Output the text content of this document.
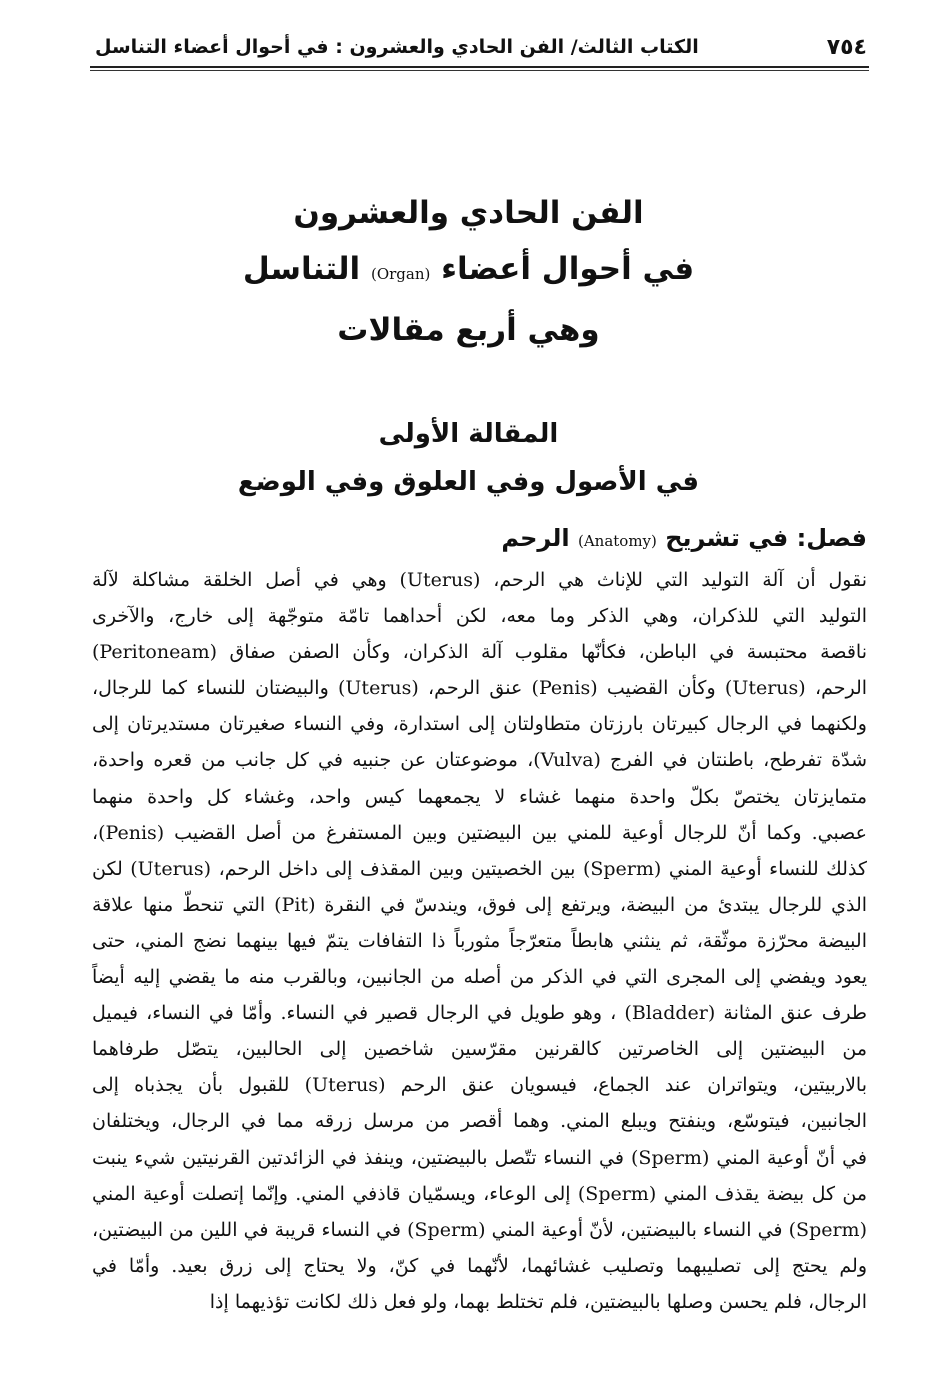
٧٥٤
الكتاب الثالث/ الفن الحادي والعشرون : في أحوال أعضاء التناسل
الفن الحادي والعشرون
في أحوال أعضاء (Organ) التناسل
وهي أربع مقالات
المقالة الأولى
في الأصول وفي العلوق وفي الوضع
فصل: في تشريح (Anatomy) الرحم
نقول أن آلة التوليد التي للإناث هي الرحم، (Uterus) وهي في أصل الخلقة مشاكلة لآلة
التوليد التي للذكران، وهي الذكر وما معه، لكن أحداهما تامّة متوجّهة إلى خارج، والآخرى
ناقصة محتبسة في الباطن، فكأنّها مقلوب آلة الذكران، وكأن الصفن صفاق (Peritoneam)
الرحم، (Uterus) وكأن القضيب (Penis) عنق الرحم، (Uterus) والبيضتان للنساء كما للرجال،
ولكنهما في الرجال كبيرتان بارزتان متطاولتان إلى استدارة، وفي النساء صغيرتان مستديرتان إلى
شدّة تفرطح، باطنتان في الفرج (Vulva)، موضوعتان عن جنبيه في كل جانب من قعره واحدة،
متمايزتان يختصّ بكلّ واحدة منهما غشاء لا يجمعهما كيس واحد، وغشاء كل واحدة منهما
عصبي. وكما أنّ للرجال أوعية للمني بين البيضتين وبين المستفرغ من أصل القضيب (Penis)،
كذلك للنساء أوعية المني (Sperm) بين الخصيتين وبين المقذف إلى داخل الرحم، (Uterus) لكن
الذي للرجال يبتدئ من البيضة، ويرتفع إلى فوق، ويندسّ في النقرة (Pit) التي تنحطّ منها علاقة
البيضة محرّزة موثّقة، ثم ينثني هابطاً متعرّجاً مثورباً ذا التفافات يتمّ فيها بينهما نضج المني، حتى
يعود ويفضي إلى المجرى التي في الذكر من أصله من الجانبين، وبالقرب منه ما يقضي إليه أيضاً
طرف عنق المثانة (Bladder) ، وهو طويل في الرجال قصير في النساء. وأمّا في النساء، فيميل
من البيضتين إلى الخاصرتين كالقرنين مقرّسين شاخصين إلى الحالبين، يتصّل طرفاهما
بالاربيتين، ويتواتران عند الجماع، فيسويان عنق الرحم (Uterus) للقبول بأن يجذباه إلى
الجانبين، فيتوسّع، وينفتح ويبلع المني. وهما أقصر من مرسل زرقه مما في الرجال، ويختلفان
في أنّ أوعية المني (Sperm) في النساء تتّصل بالبيضتين، وينفذ في الزائدتين القرنيتين شيء ينبت
من كل بيضة يقذف المني (Sperm) إلى الوعاء، ويسمّيان قاذفي المني. وإنّما إتصلت أوعية المني
(Sperm) في النساء بالبيضتين، لأنّ أوعية المني (Sperm) في النساء قريبة في اللين من البيضتين،
ولم يحتج إلى تصليبهما وتصليب غشائهما، لأنّهما في كنّ، ولا يحتاج إلى زرق بعيد. وأمّا في
الرجال، فلم يحسن وصلها بالبيضتين، فلم تختلط بهما، ولو فعل ذلك لكانت تؤذيهما إذا
